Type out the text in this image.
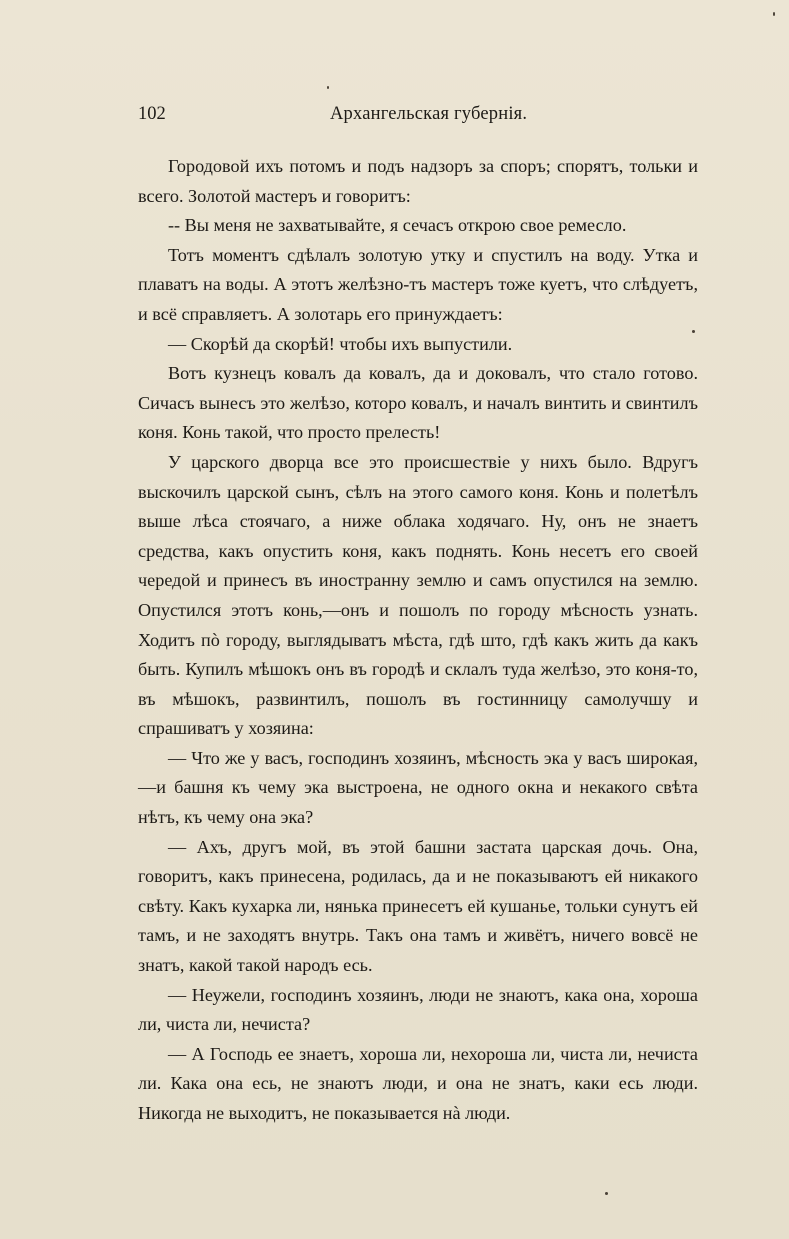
102	Архангельская губернія.

Городовой ихъ потомъ и подъ надзоръ за споръ; спорятъ, тольки и всего. Золотой мастеръ и говоритъ:

-- Вы меня не захватывайте, я сечасъ открою свое ремесло.

Тотъ моментъ сдѣлалъ золотую утку и спустилъ на воду. Утка и плаватъ на воды. А этотъ желѣзно-тъ мастеръ тоже куетъ, что слѣдуетъ, и всё справляетъ. А золотарь его принуждаетъ:

— Скорѣй да скорѣй! чтобы ихъ выпустили.

Вотъ кузнецъ ковалъ да ковалъ, да и доковалъ, что стало готово. Сичасъ вынесъ это желѣзо, которо ковалъ, и началъ винтить и свинтилъ коня. Конь такой, что просто прелесть!

У царского дворца все это происшествіе у нихъ было. Вдругъ выскочилъ царской сынъ, сѣлъ на этого самого коня. Конь и полетѣлъ выше лѣса стоячаго, а ниже облака ходячаго. Ну, онъ не знаетъ средства, какъ опустить коня, какъ поднять. Конь несетъ его своей чередой и принесъ въ иностранну землю и самъ опустился на землю. Опустился этотъ конь,—онъ и пошолъ по городу мѣсность узнать. Ходитъ пò городу, выглядыватъ мѣста, гдѣ што, гдѣ какъ жить да какъ быть. Купилъ мѣшокъ онъ въ городѣ и склалъ туда желѣзо, это коня-то, въ мѣшокъ, развинтилъ, пошолъ въ гостинницу самолучшу и спрашиватъ у хозяина:

— Что же у васъ, господинъ хозяинъ, мѣсность эка у васъ широкая,—и башня къ чему эка выстроена, не одного окна и некакого свѣта нѣтъ, къ чему она эка?

— Ахъ, другъ мой, въ этой башни застата царская дочь. Она, говоритъ, какъ принесена, родилась, да и не показываютъ ей никакого свѣту. Какъ кухарка ли, нянька принесетъ ей кушанье, тольки сунутъ ей тамъ, и не заходятъ внутрь. Такъ она тамъ и живётъ, ничего вовсё не знатъ, какой такой народъ есь.

— Неужели, господинъ хозяинъ, люди не знаютъ, кака она, хороша ли, чиста ли, нечиста?

— А Господь ее знаетъ, хороша ли, нехороша ли, чиста ли, нечиста ли. Кака она есь, не знаютъ люди, и она не знатъ, каки есь люди. Никогда не выходитъ, не показывается нà люди.
